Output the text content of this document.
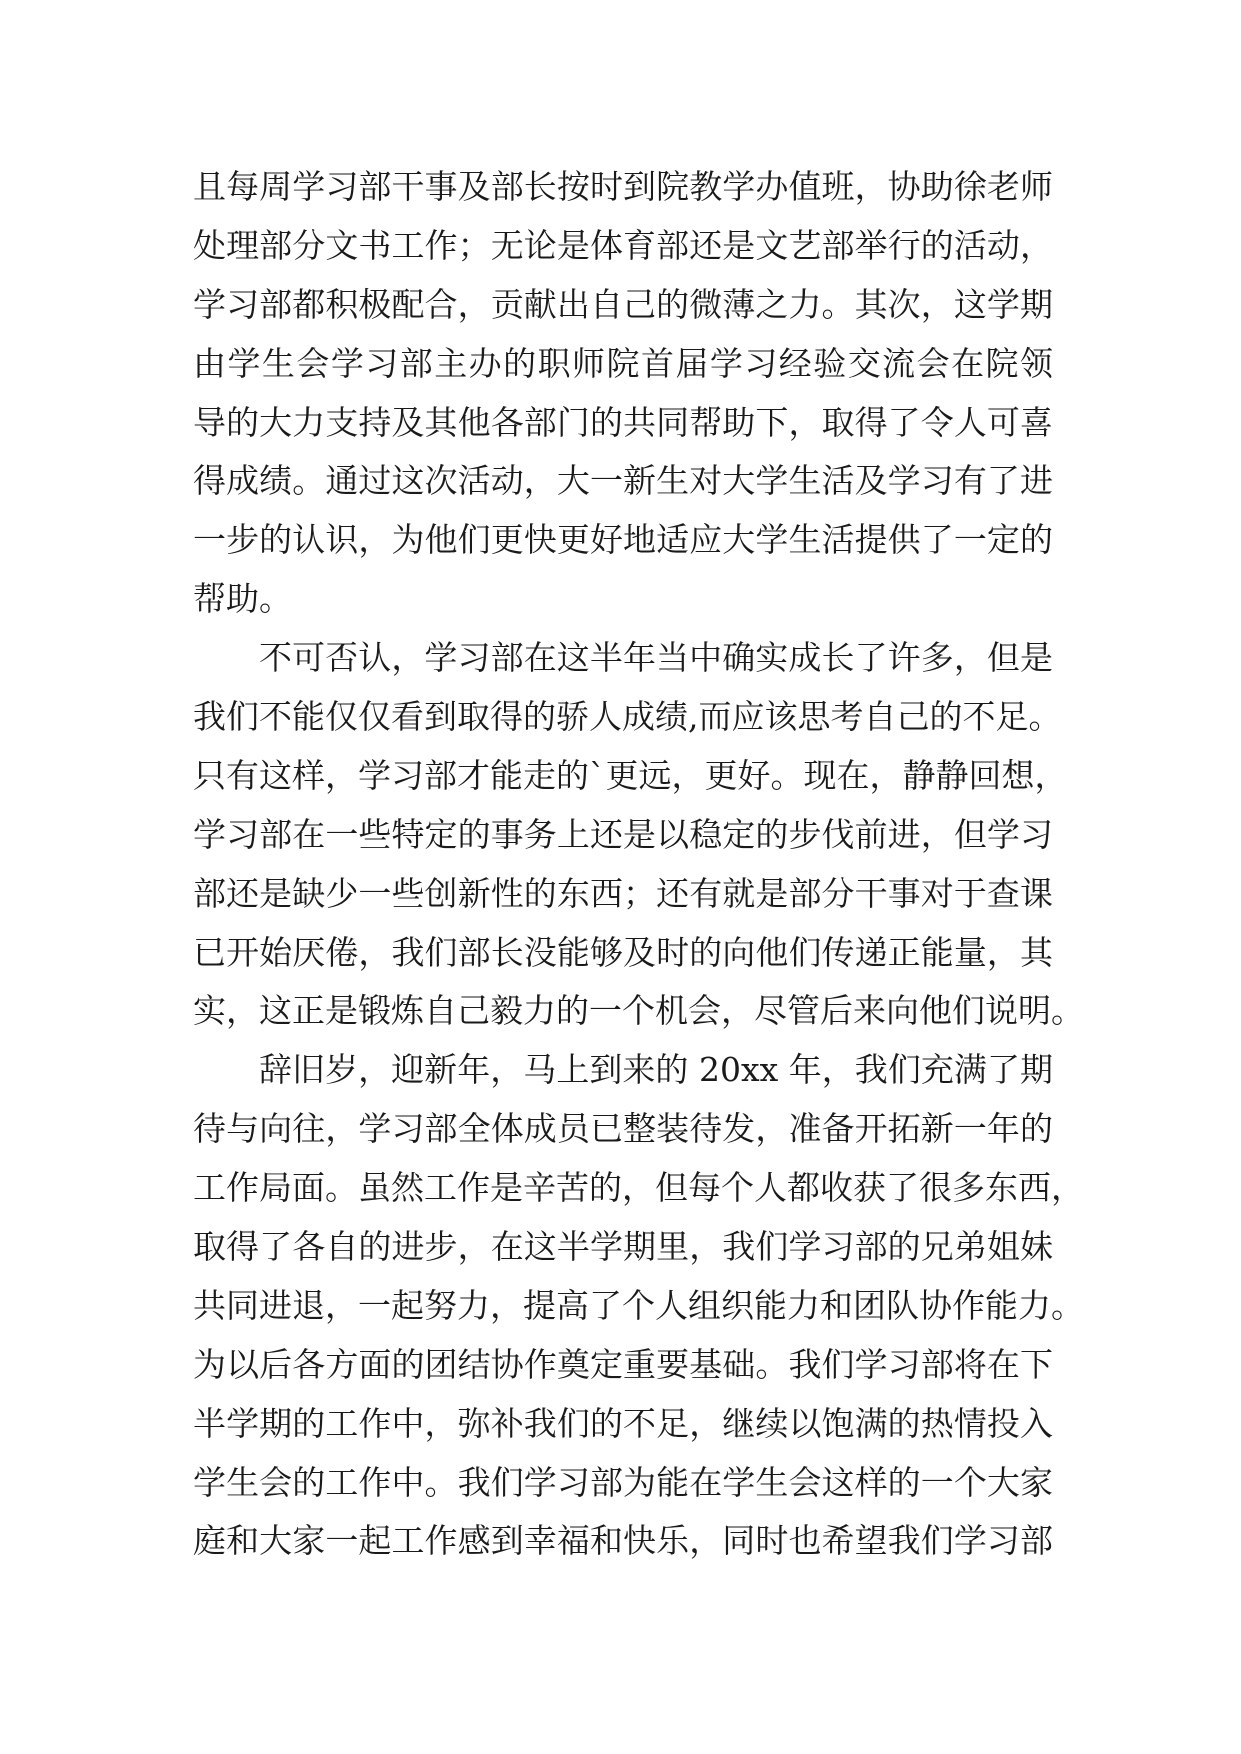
且每周学习部干事及部长按时到院教学办值班，协助徐老师
处理部分文书工作；无论是体育部还是文艺部举行的活动，
学习部都积极配合，贡献出自己的微薄之力。其次，这学期
由学生会学习部主办的职师院首届学习经验交流会在院领
导的大力支持及其他各部门的共同帮助下，取得了令人可喜
得成绩。通过这次活动，大一新生对大学生活及学习有了进
一步的认识，为他们更快更好地适应大学生活提供了一定的
帮助。
不可否认，学习部在这半年当中确实成长了许多，但是
我们不能仅仅看到取得的骄人成绩,而应该思考自己的不足。
只有这样，学习部才能走的`更远，更好。现在，静静回想，
学习部在一些特定的事务上还是以稳定的步伐前进，但学习
部还是缺少一些创新性的东西；还有就是部分干事对于查课
已开始厌倦，我们部长没能够及时的向他们传递正能量，其
实，这正是锻炼自己毅力的一个机会，尽管后来向他们说明。
辞旧岁，迎新年，马上到来的 20xx 年，我们充满了期
待与向往，学习部全体成员已整装待发，准备开拓新一年的
工作局面。虽然工作是辛苦的，但每个人都收获了很多东西，
取得了各自的进步，在这半学期里，我们学习部的兄弟姐妹
共同进退，一起努力，提高了个人组织能力和团队协作能力。
为以后各方面的团结协作奠定重要基础。我们学习部将在下
半学期的工作中，弥补我们的不足，继续以饱满的热情投入
学生会的工作中。我们学习部为能在学生会这样的一个大家
庭和大家一起工作感到幸福和快乐，同时也希望我们学习部
